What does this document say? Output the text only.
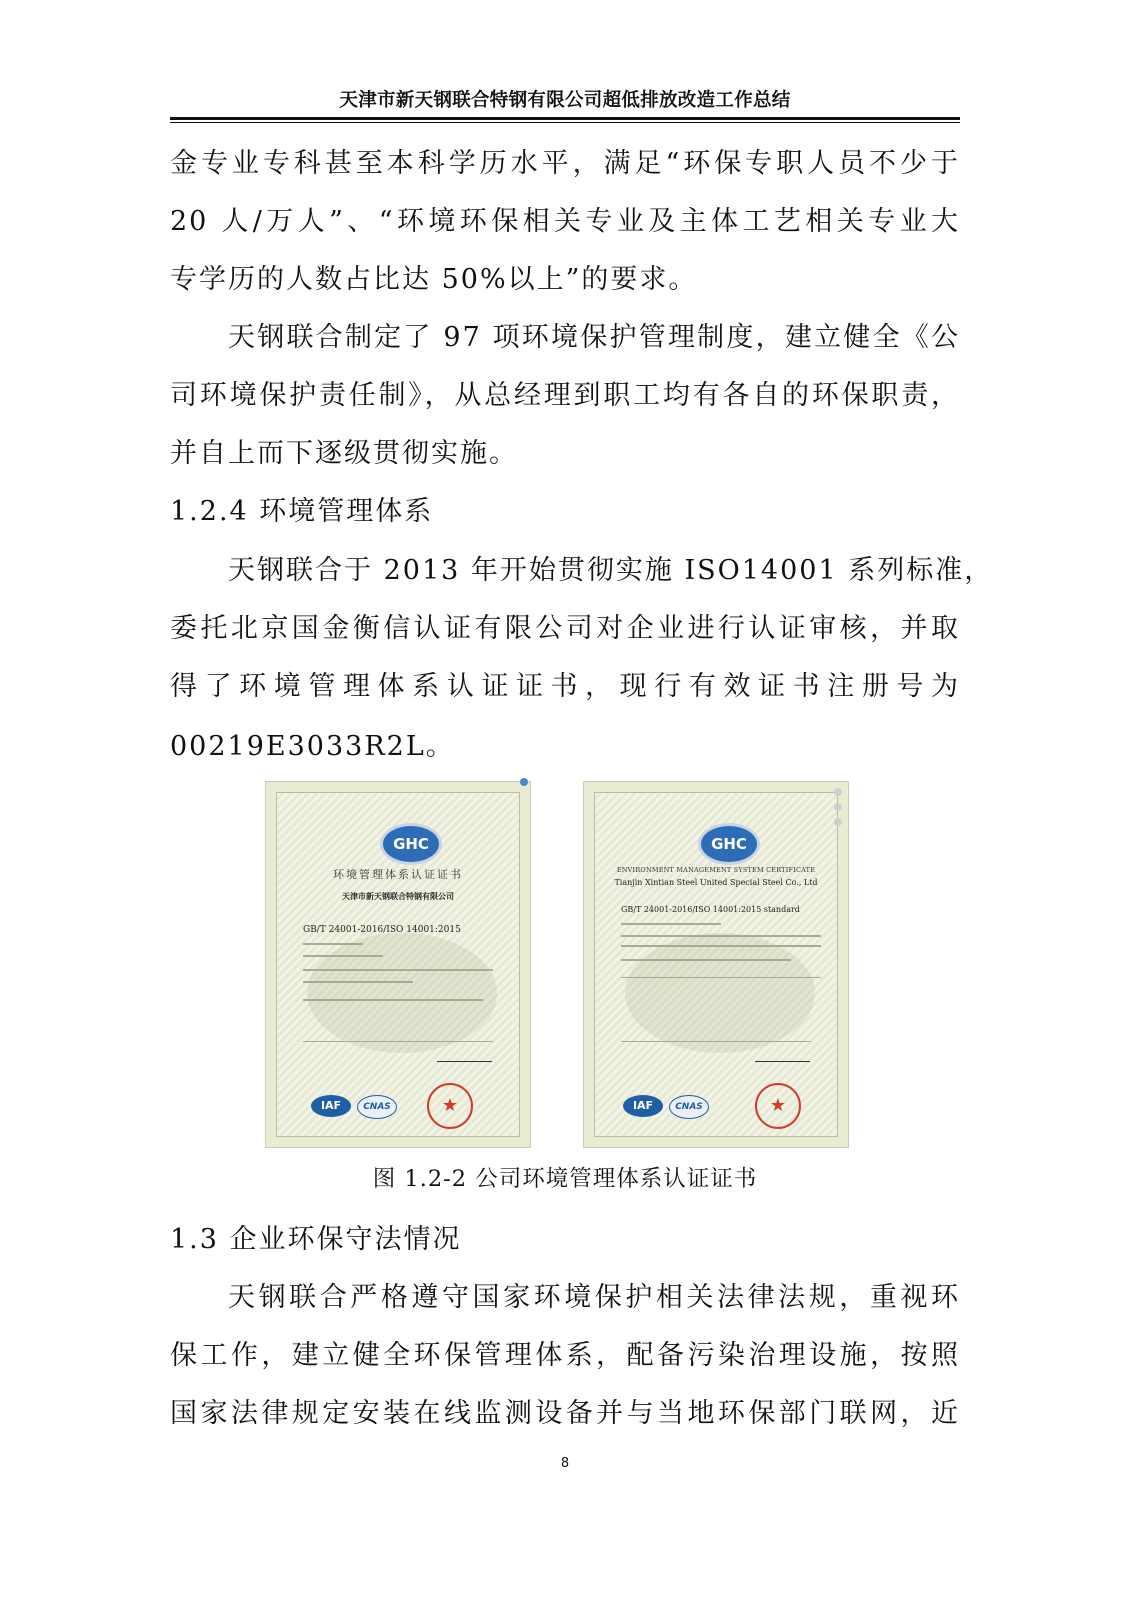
天津市新天钢联合特钢有限公司超低排放改造工作总结
金专业专科甚至本科学历水平，满足“环保专职人员不少于
20 人/万人”、“环境环保相关专业及主体工艺相关专业大
专学历的人数占比达 50%以上”的要求。
天钢联合制定了 97 项环境保护管理制度，建立健全《公
司环境保护责任制》，从总经理到职工均有各自的环保职责，
并自上而下逐级贯彻实施。
1.2.4 环境管理体系
天钢联合于 2013 年开始贯彻实施 ISO14001 系列标准，
委托北京国金衡信认证有限公司对企业进行认证审核，并取
得了环境管理体系认证证书，现行有效证书注册号为
00219E3033R2L。
GHC
环境管理体系认证证书
天津市新天钢联合特钢有限公司
GB/T 24001-2016/ISO 14001:2015
IAF	CNAS	★
GHC
ENVIRONMENT MANAGEMENT SYSTEM CERTIFICATE
Tianjin Xintian Steel United Special Steel Co., Ltd
GB/T 24001-2016/ISO 14001:2015 standard
IAF	CNAS	★
图 1.2-2 公司环境管理体系认证证书
1.3 企业环保守法情况
天钢联合严格遵守国家环境保护相关法律法规，重视环
保工作，建立健全环保管理体系，配备污染治理设施，按照
国家法律规定安装在线监测设备并与当地环保部门联网，近
8
